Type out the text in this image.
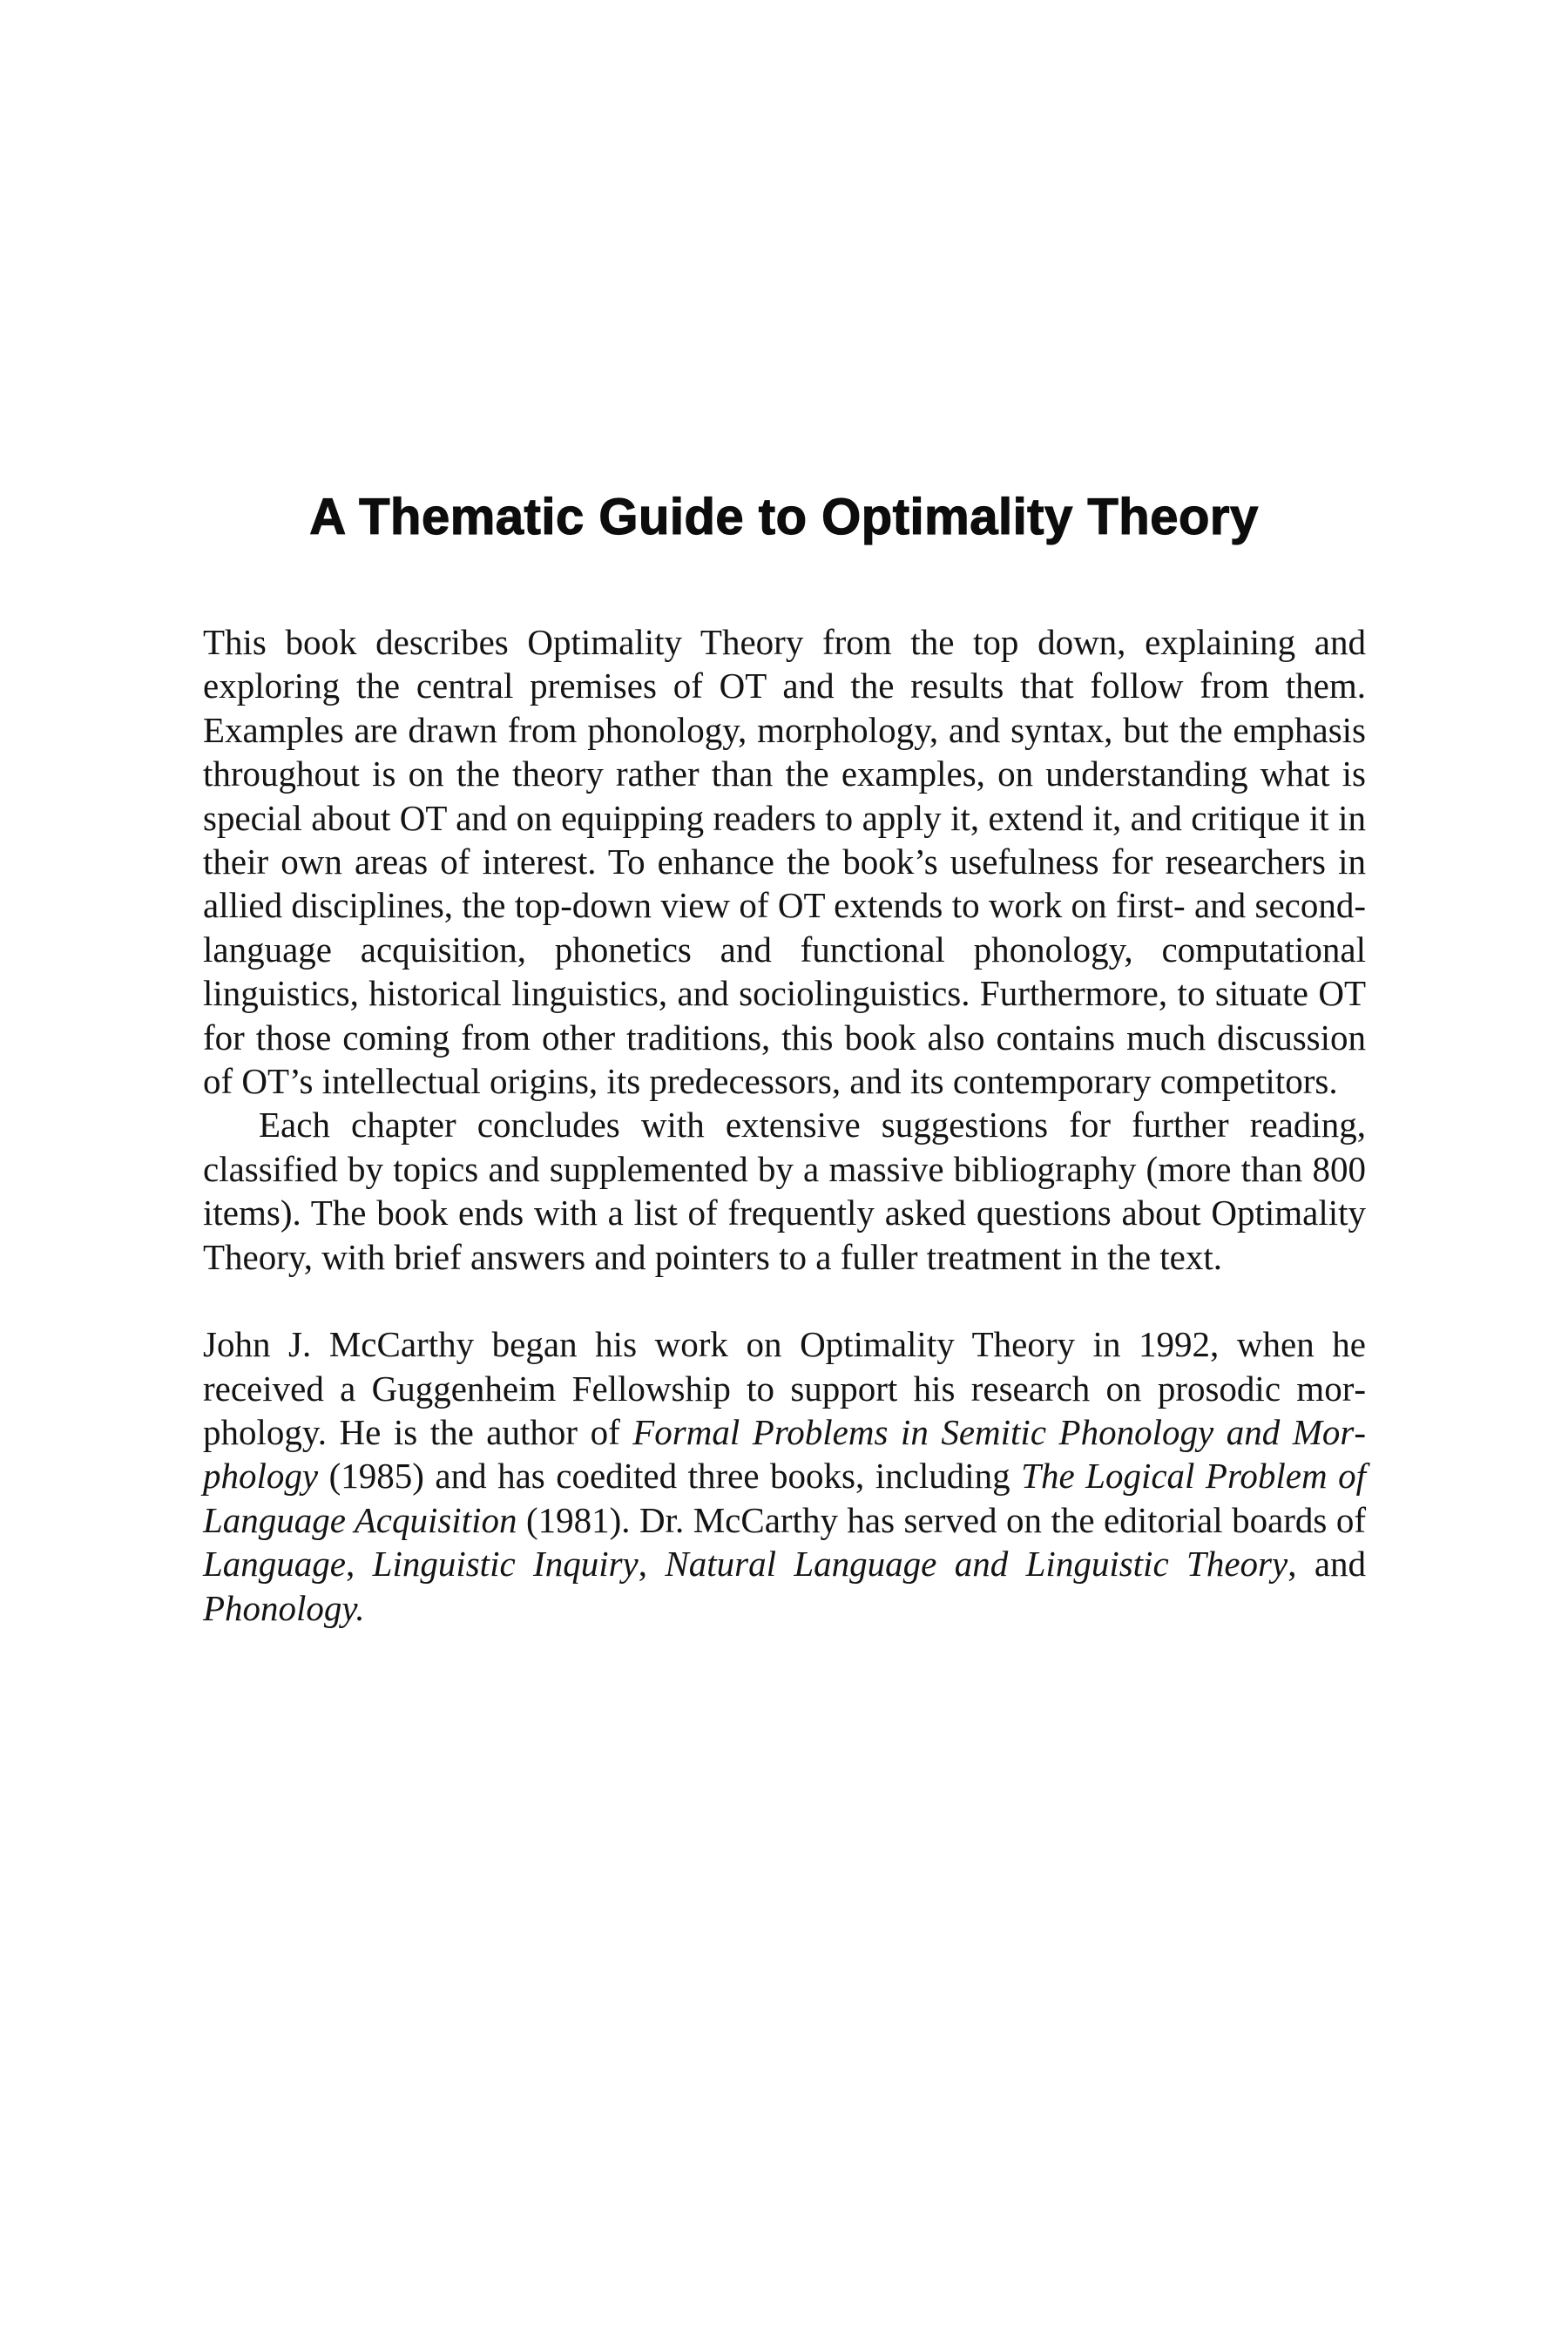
A Thematic Guide to Optimality Theory

This book describes Optimality Theory from the top down, explaining and exploring the central premises of OT and the results that follow from them. Examples are drawn from phonology, morphology, and syntax, but the emphasis throughout is on the theory rather than the examples, on understanding what is special about OT and on equipping readers to apply it, extend it, and critique it in their own areas of interest. To enhance the book’s usefulness for researchers in allied disciplines, the top-down view of OT extends to work on first- and second-language acquisition, phonetics and functional phonology, computational linguistics, historical linguistics, and sociolinguistics. Furthermore, to situate OT for those coming from other traditions, this book also contains much discussion of OT’s intellectual origins, its predecessors, and its contemporary competitors.

Each chapter concludes with extensive suggestions for further reading, classified by topics and supplemented by a massive bibliography (more than 800 items). The book ends with a list of frequently asked questions about Optimality Theory, with brief answers and pointers to a fuller treatment in the text.

John J. McCarthy began his work on Optimality Theory in 1992, when he received a Guggenheim Fellowship to support his research on prosodic morphology. He is the author of Formal Problems in Semitic Phonology and Morphology (1985) and has coedited three books, including The Logical Problem of Language Acquisition (1981). Dr. McCarthy has served on the editorial boards of Language, Linguistic Inquiry, Natural Language and Linguistic Theory, and Phonology.
